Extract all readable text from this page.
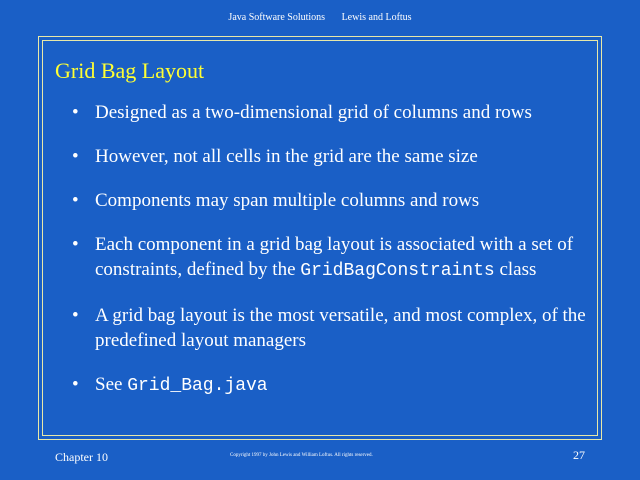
Java Software Solutions Lewis and Loftus
Grid Bag Layout
• Designed as a two-dimensional grid of columns and rows
• However, not all cells in the grid are the same size
• Components may span multiple columns and rows
• Each component in a grid bag layout is associated with a set of constraints, defined by the GridBagConstraints class
• A grid bag layout is the most versatile, and most complex, of the predefined layout managers
• See Grid_Bag.java
Chapter 10	Copyright 1997 by John Lewis and William Loftus. All rights reserved.	27
